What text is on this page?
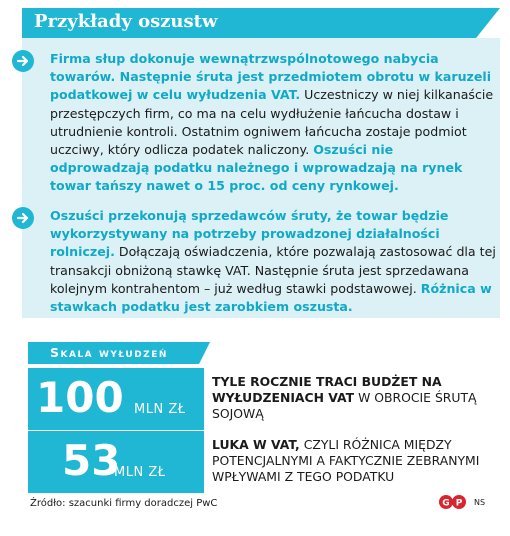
Przykłady oszustw

Firma słup dokonuje wewnątrzwspólnotowego nabycia towarów. Następnie śruta jest przedmiotem obrotu w karuzeli podatkowej w celu wyłudzenia VAT. Uczestniczy w niej kilkanaście przestępczych firm, co ma na celu wydłużenie łańcucha dostaw i utrudnienie kontroli. Ostatnim ogniwem łańcucha zostaje podmiot uczciwy, który odlicza podatek naliczony. Oszuści nie odprowadzają podatku należnego i wprowadzają na rynek towar tańszy nawet o 15 proc. od ceny rynkowej.

Oszuści przekonują sprzedawców śruty, że towar będzie wykorzystywany na potrzeby prowadzonej działalności rolniczej. Dołączają oświadczenia, które pozwalają zastosować dla tej transakcji obniżoną stawkę VAT. Następnie śruta jest sprzedawana kolejnym kontrahentom – już według stawki podstawowej. Różnica w stawkach podatku jest zarobkiem oszusta.

Skala wyłudzeń
100 MLN ZŁ
TYLE ROCZNIE TRACI BUDŻET NA WYŁUDZENIACH VAT W OBROCIE ŚRUTĄ SOJOWĄ
53
MLN ZŁ
LUKA W VAT, CZYLI RÓŻNICA MIĘDZY POTENCJALNYMI A FAKTYCZNIE ZEBRANYMI WPŁYWAMI Z TEGO PODATKU
Źródło: szacunki firmy doradczej PwC	G P NS
